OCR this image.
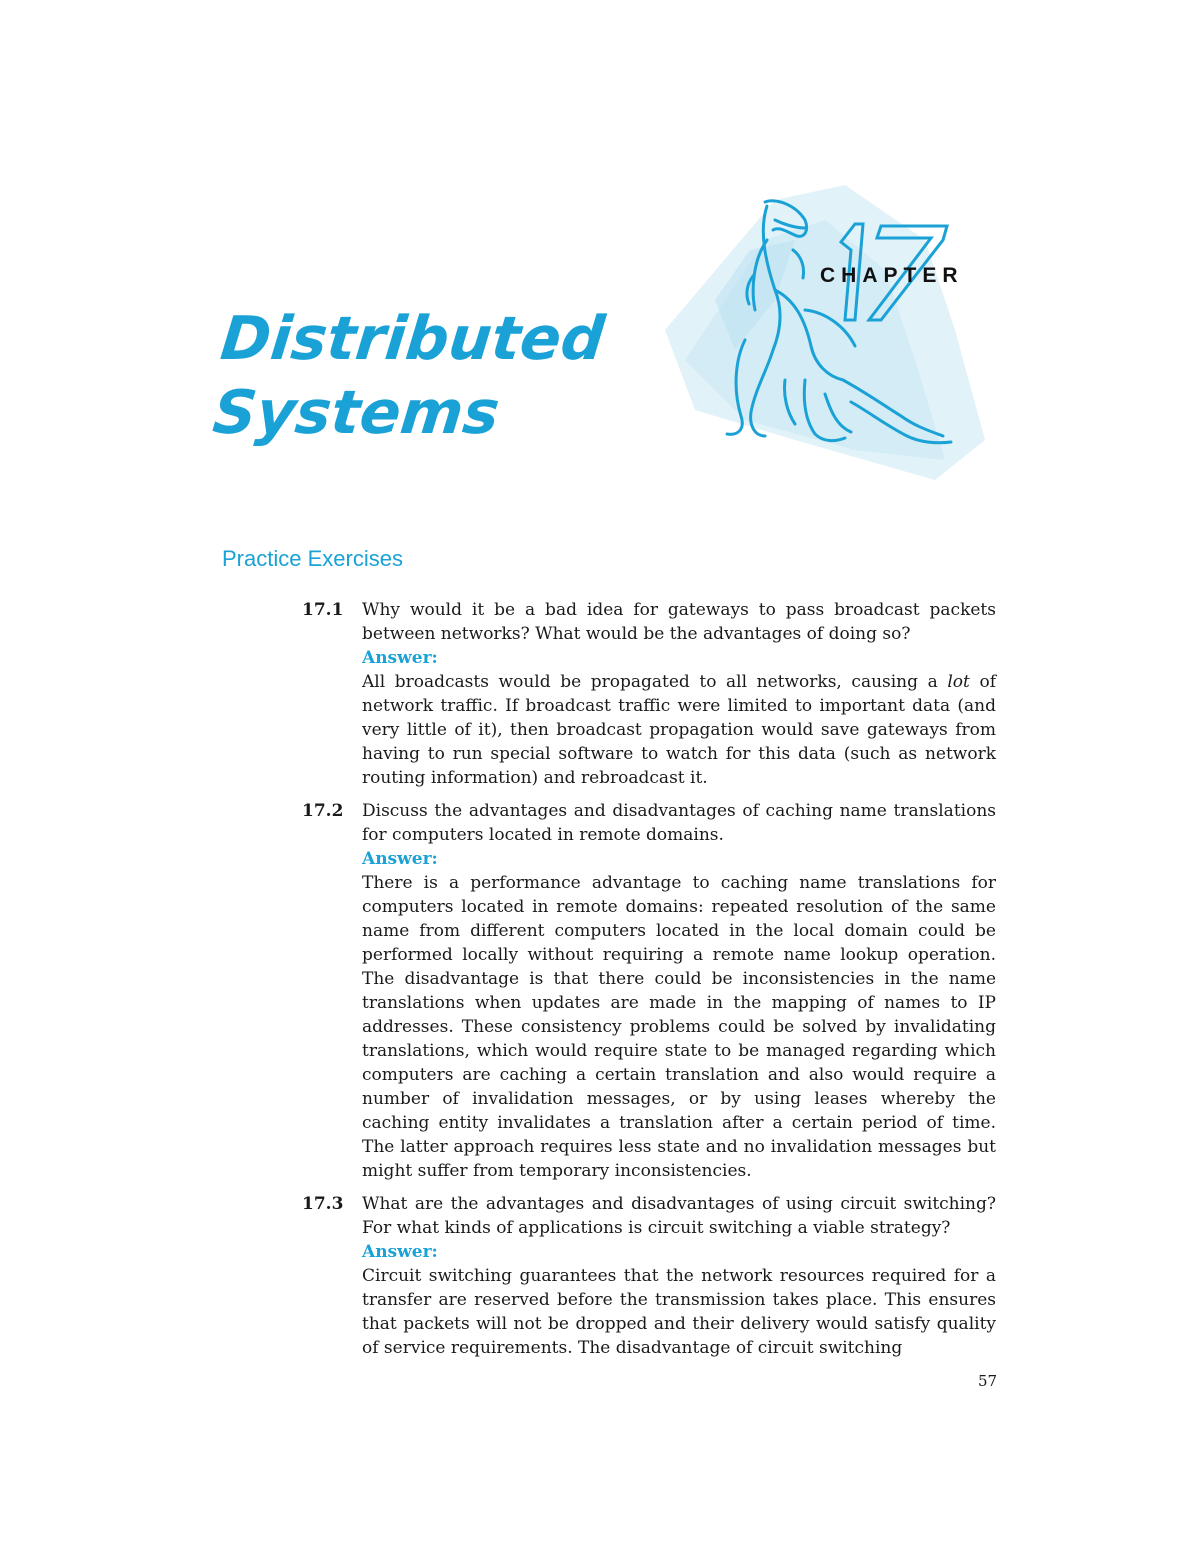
CHAPTER
Distributed
Systems
Practice Exercises
17.1 Why would it be a bad idea for gateways to pass broadcast packets between networks? What would be the advantages of doing so?

Answer:

All broadcasts would be propagated to all networks, causing a lot of network traffic. If broadcast traffic were limited to important data (and very little of it), then broadcast propagation would save gateways from having to run special software to watch for this data (such as network routing information) and rebroadcast it.

17.2 Discuss the advantages and disadvantages of caching name translations for computers located in remote domains.

Answer:

There is a performance advantage to caching name translations for computers located in remote domains: repeated resolution of the same name from different computers located in the local domain could be performed locally without requiring a remote name lookup operation. The disadvantage is that there could be inconsistencies in the name translations when updates are made in the mapping of names to IP addresses. These consistency problems could be solved by invalidating translations, which would require state to be managed regarding which computers are caching a certain translation and also would require a number of invalidation messages, or by using leases whereby the caching entity invalidates a translation after a certain period of time. The latter approach requires less state and no invalidation messages but might suffer from temporary inconsistencies.

17.3 What are the advantages and disadvantages of using circuit switching? For what kinds of applications is circuit switching a viable strategy?

Answer:

Circuit switching guarantees that the network resources required for a transfer are reserved before the transmission takes place. This ensures that packets will not be dropped and their delivery would satisfy quality of service requirements. The disadvantage of circuit switching

57
